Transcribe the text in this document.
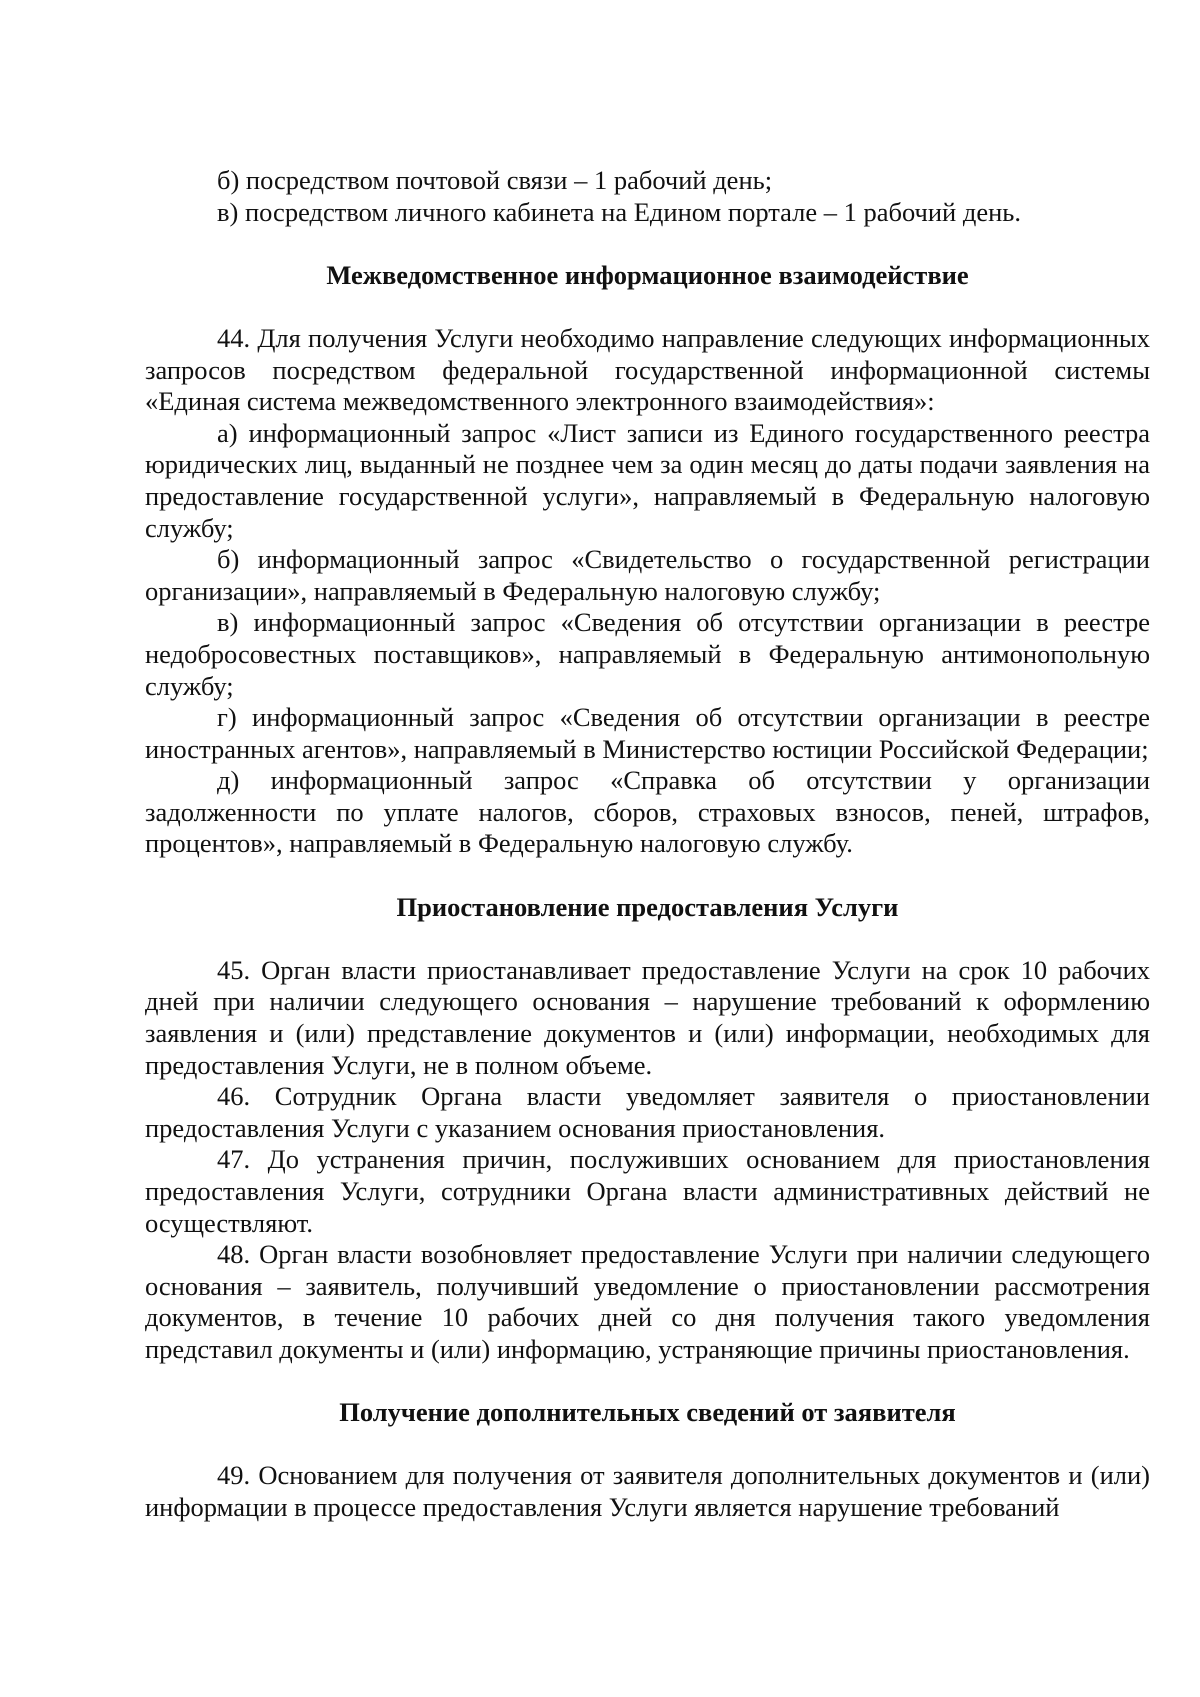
б) посредством почтовой связи – 1 рабочий день;

в) посредством личного кабинета на Едином портале – 1 рабочий день.

Межведомственное информационное взаимодействие

44. Для получения Услуги необходимо направление следующих информационных запросов посредством федеральной государственной информационной системы «Единая система межведомственного электронного взаимодействия»:

а) информационный запрос «Лист записи из Единого государственного реестра юридических лиц, выданный не позднее чем за один месяц до даты подачи заявления на предоставление государственной услуги», направляемый в Федеральную налоговую службу;

б) информационный запрос «Свидетельство о государственной регистрации организации», направляемый в Федеральную налоговую службу;

в) информационный запрос «Сведения об отсутствии организации в реестре недобросовестных поставщиков», направляемый в Федеральную антимонопольную службу;

г) информационный запрос «Сведения об отсутствии организации в реестре иностранных агентов», направляемый в Министерство юстиции Российской Федерации;

д) информационный запрос «Справка об отсутствии у организации задолженности по уплате налогов, сборов, страховых взносов, пеней, штрафов, процентов», направляемый в Федеральную налоговую службу.

Приостановление предоставления Услуги

45. Орган власти приостанавливает предоставление Услуги на срок 10 рабочих дней при наличии следующего основания – нарушение требований к оформлению заявления и (или) представление документов и (или) информации, необходимых для предоставления Услуги, не в полном объеме.

46. Сотрудник Органа власти уведомляет заявителя о приостановлении предоставления Услуги с указанием основания приостановления.

47. До устранения причин, послуживших основанием для приостановления предоставления Услуги, сотрудники Органа власти административных действий не осуществляют.

48. Орган власти возобновляет предоставление Услуги при наличии следующего основания – заявитель, получивший уведомление о приостановлении рассмотрения документов, в течение 10 рабочих дней со дня получения такого уведомления представил документы и (или) информацию, устраняющие причины приостановления.

Получение дополнительных сведений от заявителя

49. Основанием для получения от заявителя дополнительных документов и (или) информации в процессе предоставления Услуги является нарушение требований
